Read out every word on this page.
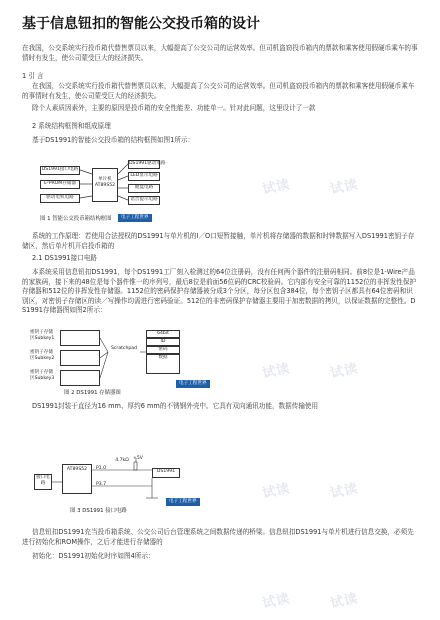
基于信息钮扣的智能公交投币箱的设计

在我国，公交系统实行投币箱代替售票员以来，大幅提高了公交公司的运营效率。但司机盗窃投币箱内的票款和乘客使用假硬币乘车的事情时有发生，使公司蒙受巨大的经济损失。

1 引 言

在我国，公交系统实行投币箱代替售票员以来，大幅提高了公交公司的运营效率。但司机盗窃投币箱内的票款和乘客使用假硬币乘车的事情时有发生，使公司蒙受巨大的经济损失。

除个人素质因素外，主要的原因是投币箱的安全性能差、功能单一。针对此问题，这里设计了一款

2 系统结构框图和组成原理

基于DS1991的智能公交投币箱的结构框图如图1所示：

DS1991接口电路
E²PROM存储器
驱动电机电路
单片机AT89S52
DS1991驱动电路
LED显示电路
键盘电路
语音提示电路
图 1 智能公交投币箱结构框图	电子工程世界

系统的工作原理：若使用合法授权的DS1991与单片机的I／O口短暂接触，单片机将存储器的数据和时钟数据写入DS1991密钥子存储区，然后单片机开启投币箱的

2.1 DS1991接口电路

本系统采用信息钮扣DS1991，每个DS1991工厂刻入检测过的64位注册码，没有任何两个器件的注册码相同。前8位是1-Wire产品的家族码，接下来的48位是每个器件惟一的序列号，最后8位是前面56位码的CRC校验码。它内部有安全可靠的1152位的非挥发性保护存储器和512位的非挥发性存储器。1152位的密码保护存储器被分成3个分区，每分区包含384位，每个密钥子区都具有64位密码和识别区，对密钥子存储区的读／写操作均需进行密码验证。512位的非密码保护存储器主要用于加密数据的拷贝，以保证数据的完整性。DS1991存储器图如图2所示：

密钥子存储区Subkey1
密钥子存储区Subkey2
密钥子存储区Subkey3
Scratchpad
64bit
ID
密码
数据
图 2 DS1991 存储器图
电子工程世界

DS1991封装于直径为16 mm、厚约6 mm的不锈钢外壳中。它具有双向通讯功能，数据传输使用

接口电路
AT89S52	P1.0
P3.7
+5V
4.7kΩ
DS1991
图 3 DS1991 接口电路
电子工程世界

信息钮扣DS1991充当投币箱系统、公交公司后台管理系统之间数据传递的桥梁。信息钮扣DS1991与单片机进行信息交换，必须先进行初始化和ROM操作，之后才能进行存储器的

初始化：DS1991初始化时序如图4所示：

试读	试读
试读	试读
试读	试读
试读	试读
